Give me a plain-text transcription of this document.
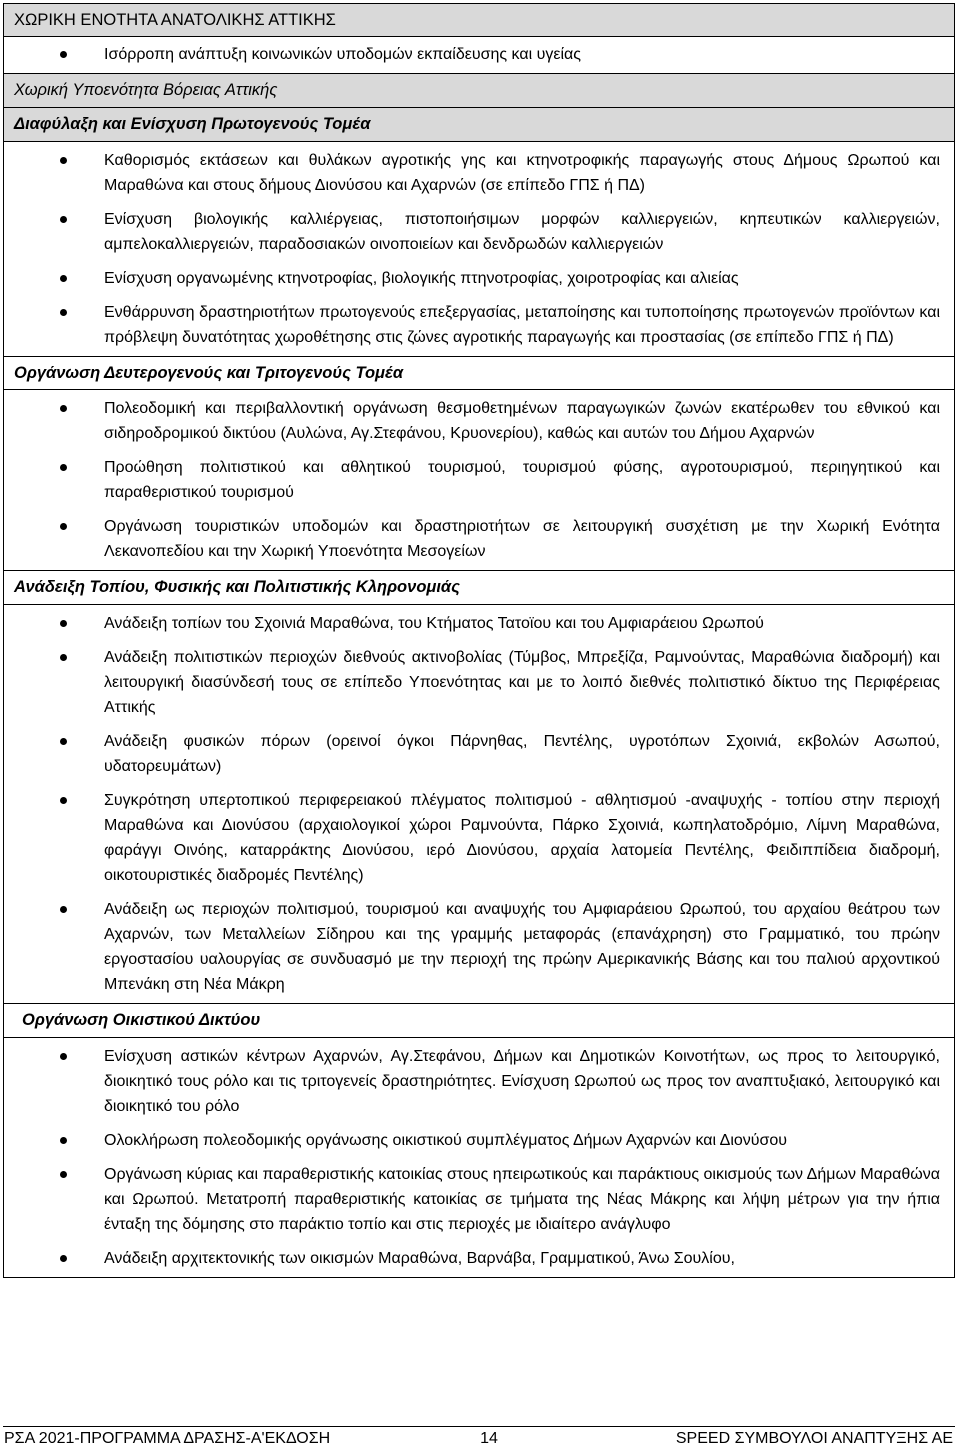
ΧΩΡΙΚΗ ΕΝΟΤΗΤΑ ΑΝΑΤΟΛΙΚΗΣ ΑΤΤΙΚΗΣ
Ισόρροπη ανάπτυξη κοινωνικών υποδομών εκπαίδευσης και υγείας
Χωρική Υποενότητα Βόρειας Αττικής
Διαφύλαξη και Ενίσχυση Πρωτογενούς Τομέα
Καθορισμός εκτάσεων και θυλάκων αγροτικής γης και κτηνοτροφικής παραγωγής στους Δήμους Ωρωπού και Μαραθώνα και στους δήμους Διονύσου και Αχαρνών (σε επίπεδο ΓΠΣ ή ΠΔ)
Ενίσχυση βιολογικής καλλιέργειας, πιστοποιήσιμων μορφών καλλιεργειών, κηπευτικών καλλιεργειών, αμπελοκαλλιεργειών, παραδοσιακών οινοποιείων και δενδρωδών καλλιεργειών
Ενίσχυση οργανωμένης κτηνοτροφίας, βιολογικής πτηνοτροφίας, χοιροτροφίας και αλιείας
Ενθάρρυνση δραστηριοτήτων πρωτογενούς επεξεργασίας, μεταποίησης και τυποποίησης πρωτογενών προϊόντων και πρόβλεψη δυνατότητας χωροθέτησης στις ζώνες αγροτικής παραγωγής και προστασίας (σε επίπεδο ΓΠΣ ή ΠΔ)
Οργάνωση Δευτερογενούς και Τριτογενούς Τομέα
Πολεοδομική και περιβαλλοντική οργάνωση θεσμοθετημένων παραγωγικών ζωνών εκατέρωθεν του εθνικού και σιδηροδρομικού δικτύου (Αυλώνα, Αγ.Στεφάνου, Κρυονερίου), καθώς και αυτών του Δήμου Αχαρνών
Προώθηση πολιτιστικού και αθλητικού τουρισμού, τουρισμού φύσης, αγροτουρισμού, περιηγητικού και παραθεριστικού τουρισμού
Οργάνωση τουριστικών υποδομών και δραστηριοτήτων σε λειτουργική συσχέτιση με την Χωρική Ενότητα Λεκανοπεδίου και την Χωρική Υποενότητα Μεσογείων
Ανάδειξη Τοπίου, Φυσικής και Πολιτιστικής Κληρονομιάς
Ανάδειξη τοπίων του Σχοινιά Μαραθώνα, του Κτήματος Τατοϊου και του Αμφιαράειου Ωρωπού
Ανάδειξη πολιτιστικών περιοχών διεθνούς ακτινοβολίας (Τύμβος, Μπρεξίζα, Ραμνούντας, Μαραθώνια διαδρομή) και λειτουργική διασύνδεσή τους σε επίπεδο Υποενότητας και με το λοιπό διεθνές πολιτιστικό δίκτυο της Περιφέρειας Αττικής
Ανάδειξη φυσικών πόρων (ορεινοί όγκοι Πάρνηθας, Πεντέλης, υγροτόπων Σχοινιά, εκβολών Ασωπού, υδατορευμάτων)
Συγκρότηση υπερτοπικού περιφερειακού πλέγματος πολιτισμού - αθλητισμού -αναψυχής - τοπίου στην περιοχή Μαραθώνα και Διονύσου (αρχαιολογικοί χώροι Ραμνούντα, Πάρκο Σχοινιά, κωπηλατοδρόμιο, Λίμνη Μαραθώνα, φαράγγι Οινόης, καταρράκτης Διονύσου, ιερό Διονύσου, αρχαία λατομεία Πεντέλης, Φειδιππίδεια διαδρομή, οικοτουριστικές διαδρομές Πεντέλης)
Ανάδειξη ως περιοχών πολιτισμού, τουρισμού και αναψυχής του Αμφιαράειου Ωρωπού, του αρχαίου θεάτρου των Αχαρνών, των Μεταλλείων Σίδηρου και της γραμμής μεταφοράς (επανάχρηση) στο Γραμματικό, του πρώην εργοστασίου υαλουργίας σε συνδυασμό με την περιοχή της πρώην Αμερικανικής Βάσης και του παλιού αρχοντικού Μπενάκη στη Νέα Μάκρη
Οργάνωση Οικιστικού Δικτύου
Ενίσχυση αστικών κέντρων Αχαρνών, Αγ.Στεφάνου, Δήμων και Δημοτικών Κοινοτήτων, ως προς το λειτουργικό, διοικητικό τους ρόλο και τις τριτογενείς δραστηριότητες. Ενίσχυση Ωρωπού ως προς τον αναπτυξιακό, λειτουργικό και διοικητικό του ρόλο
Ολοκλήρωση πολεοδομικής οργάνωσης οικιστικού συμπλέγματος Δήμων Αχαρνών και Διονύσου
Οργάνωση κύριας και παραθεριστικής κατοικίας στους ηπειρωτικούς και παράκτιους οικισμούς των Δήμων Μαραθώνα και Ωρωπού. Μετατροπή παραθεριστικής κατοικίας σε τμήματα της Νέας Μάκρης και λήψη μέτρων για την ήπια ένταξη της δόμησης στο παράκτιο τοπίο και στις περιοχές με ιδιαίτερο ανάγλυφο
Ανάδειξη αρχιτεκτονικής των οικισμών Μαραθώνα, Βαρνάβα, Γραμματικού, Άνω Σουλίου,
ΡΣΑ 2021-ΠΡΟΓΡΑΜΜΑ ΔΡΑΣΗΣ-Α'ΕΚΔΟΣΗ	14	SPEED ΣΥΜΒΟΥΛΟΙ ΑΝΑΠΤΥΞΗΣ ΑΕ
